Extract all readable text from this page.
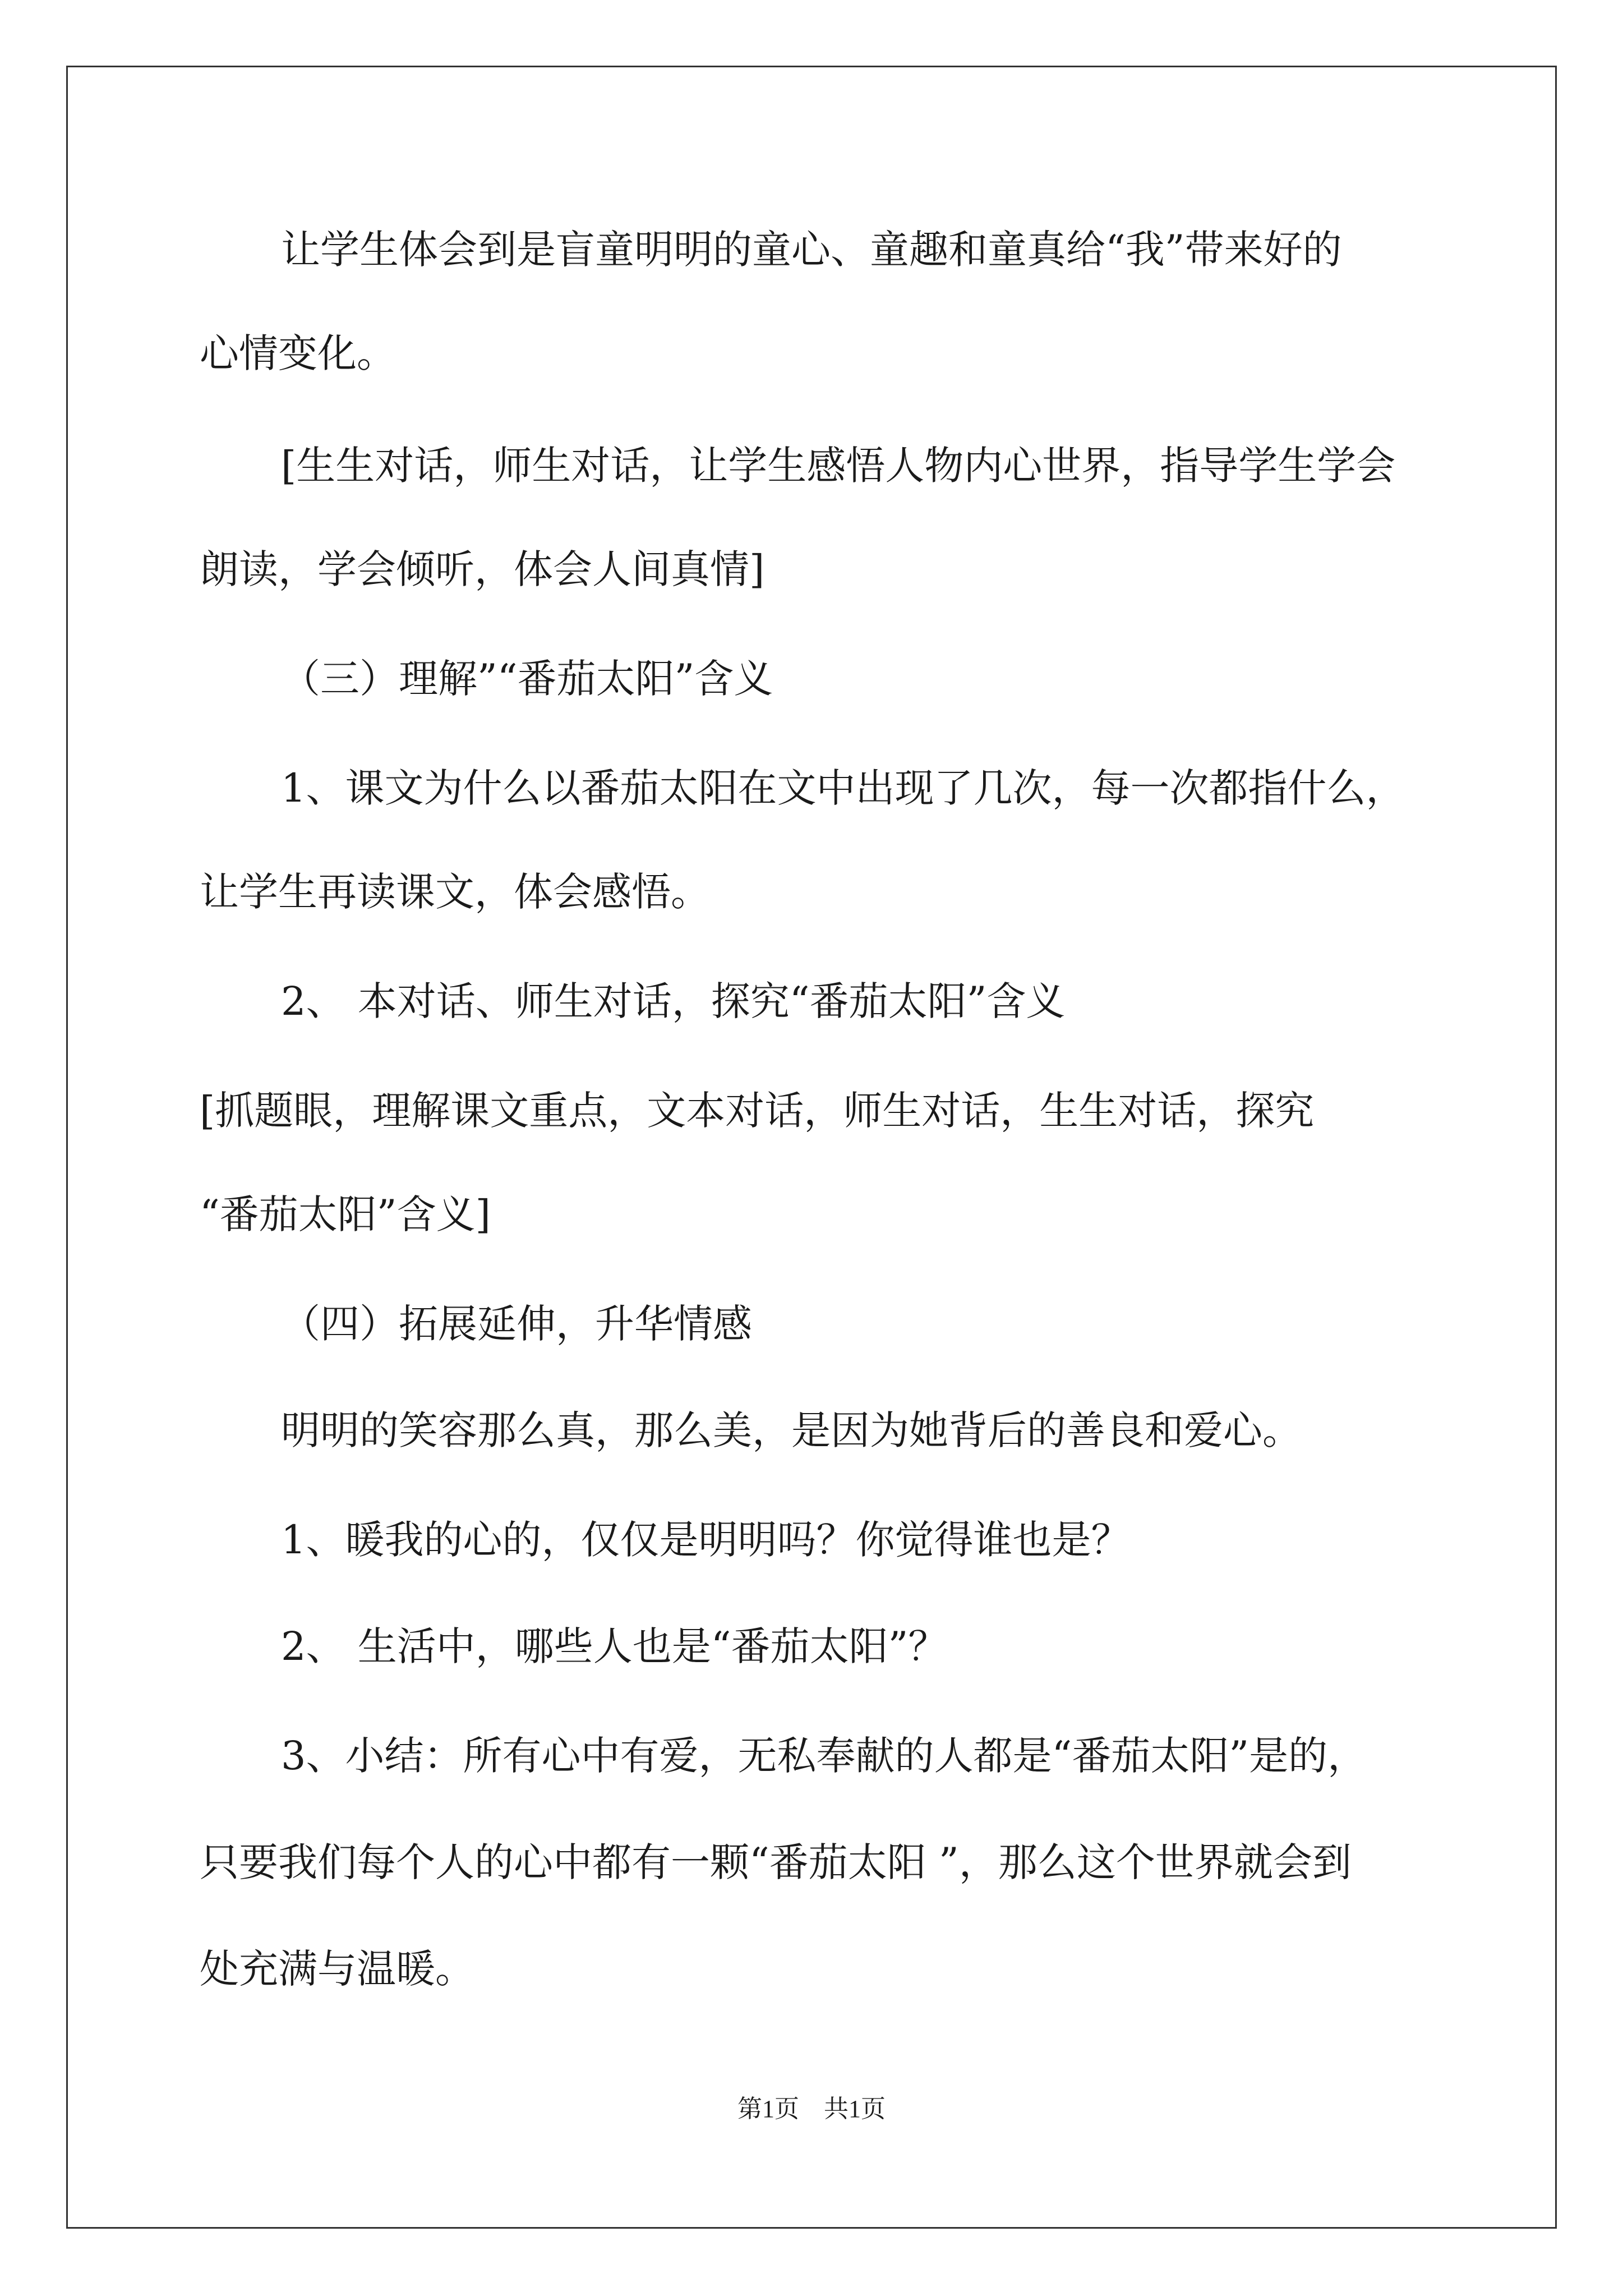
让学生体会到是盲童明明的童心、童趣和童真给“我”带来好的
心情变化。
[生生对话，师生对话，让学生感悟人物内心世界，指导学生学会
朗读，学会倾听，体会人间真情]
（三）理解”“番茄太阳”含义
1、课文为什么以番茄太阳在文中出现了几次，每一次都指什么，
让学生再读课文，体会感悟。
2、 本对话、师生对话，探究“番茄太阳”含义
[抓题眼，理解课文重点，文本对话，师生对话，生生对话，探究
“番茄太阳”含义]
（四）拓展延伸，升华情感
明明的笑容那么真，那么美，是因为她背后的善良和爱心。
1、暖我的心的，仅仅是明明吗？你觉得谁也是？
2、 生活中，哪些人也是“番茄太阳”？
3、小结：所有心中有爱，无私奉献的人都是“番茄太阳”是的，
只要我们每个人的心中都有一颗“番茄太阳 ”，那么这个世界就会到
处充满与温暖。
第1页　共1页
